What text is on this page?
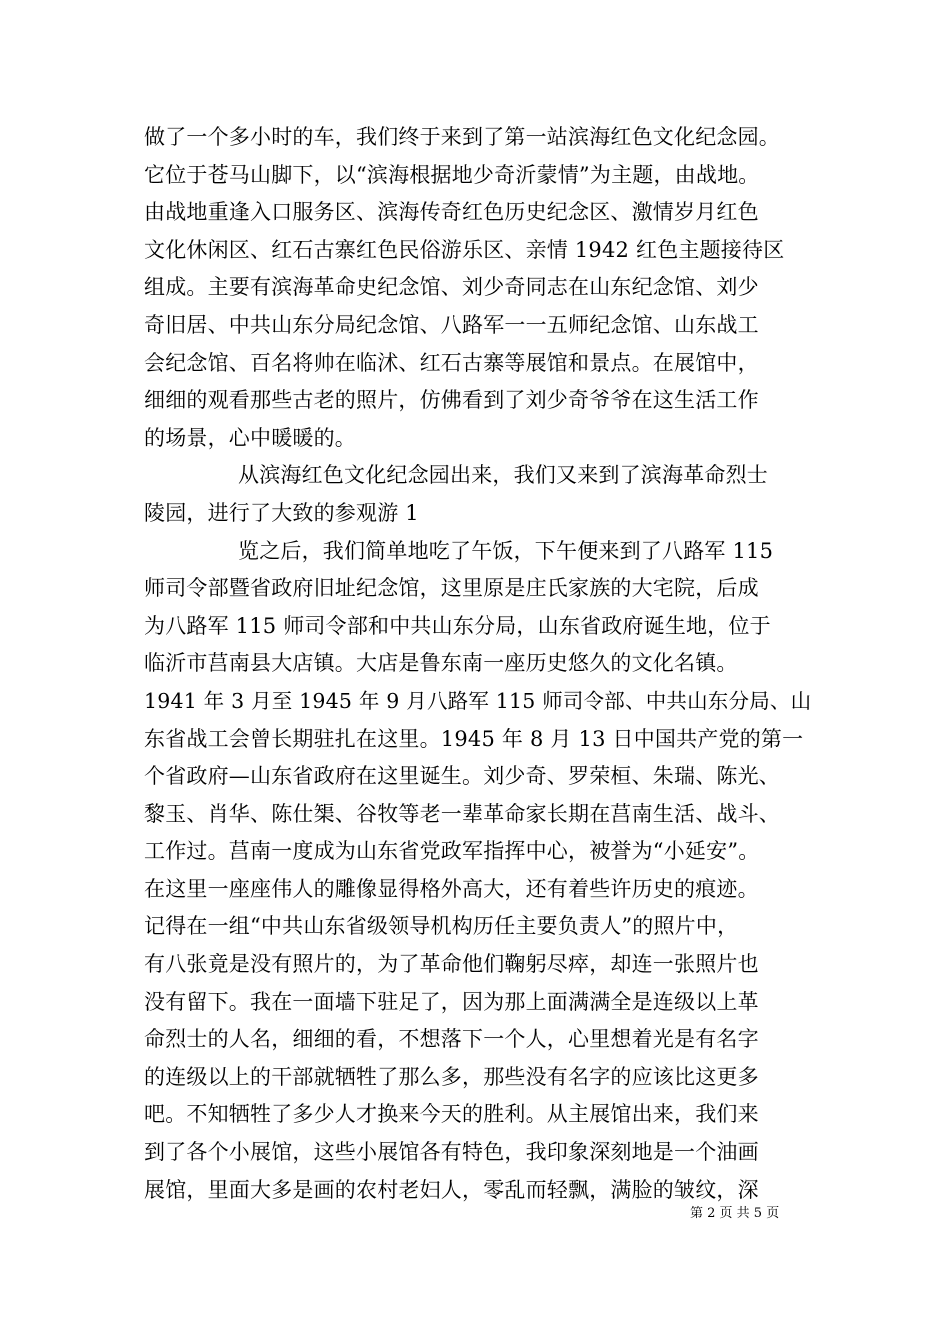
做了一个多小时的车，我们终于来到了第一站滨海红色文化纪念园。
它位于苍马山脚下，以“滨海根据地少奇沂蒙情”为主题，由战地。
由战地重逢入口服务区、滨海传奇红色历史纪念区、激情岁月红色
文化休闲区、红石古寨红色民俗游乐区、亲情 1942 红色主题接待区
组成。主要有滨海革命史纪念馆、刘少奇同志在山东纪念馆、刘少
奇旧居、中共山东分局纪念馆、八路军一一五师纪念馆、山东战工
会纪念馆、百名将帅在临沭、红石古寨等展馆和景点。在展馆中，
细细的观看那些古老的照片，仿佛看到了刘少奇爷爷在这生活工作
的场景，心中暖暖的。
从滨海红色文化纪念园出来，我们又来到了滨海革命烈士
陵园，进行了大致的参观游 1
览之后，我们简单地吃了午饭，下午便来到了八路军 115
师司令部暨省政府旧址纪念馆，这里原是庄氏家族的大宅院，后成
为八路军 115 师司令部和中共山东分局，山东省政府诞生地，位于
临沂市莒南县大店镇。大店是鲁东南一座历史悠久的文化名镇。
1941 年 3 月至 1945 年 9 月八路军 115 师司令部、中共山东分局、山
东省战工会曾长期驻扎在这里。1945 年 8 月 13 日中国共产党的第一
个省政府—山东省政府在这里诞生。刘少奇、罗荣桓、朱瑞、陈光、
黎玉、肖华、陈仕榘、谷牧等老一辈革命家长期在莒南生活、战斗、
工作过。莒南一度成为山东省党政军指挥中心，被誉为“小延安”。
在这里一座座伟人的雕像显得格外高大，还有着些许历史的痕迹。
记得在一组“中共山东省级领导机构历任主要负责人”的照片中，
有八张竟是没有照片的，为了革命他们鞠躬尽瘁，却连一张照片也
没有留下。我在一面墙下驻足了，因为那上面满满全是连级以上革
命烈士的人名，细细的看，不想落下一个人，心里想着光是有名字
的连级以上的干部就牺牲了那么多，那些没有名字的应该比这更多
吧。不知牺牲了多少人才换来今天的胜利。从主展馆出来，我们来
到了各个小展馆，这些小展馆各有特色，我印象深刻地是一个油画
展馆，里面大多是画的农村老妇人，零乱而轻飘，满脸的皱纹，深
第 2 页 共 5 页
